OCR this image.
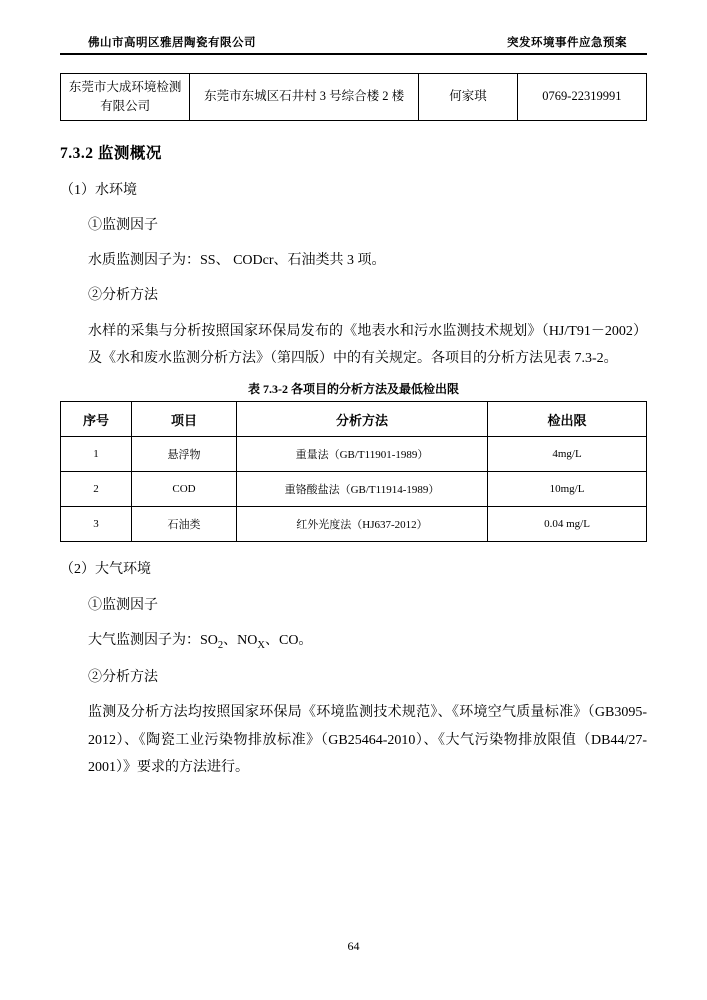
佛山市高明区雅居陶瓷有限公司	突发环境事件应急预案
东莞市大成环境检测有限公司	东莞市东城区石井村 3 号综合楼 2 楼	何家琪	0769-22319991
7.3.2 监测概况

（1）水环境

①监测因子

水质监测因子为：SS、 CODcr、石油类共 3 项。

②分析方法

水样的采集与分析按照国家环保局发布的《地表水和污水监测技术规划》（HJ/T91－2002）及《水和废水监测分析方法》（第四版）中的有关规定。各项目的分析方法见表 7.3-2。

表 7.3-2 各项目的分析方法及最低检出限
序号	项目	分析方法	检出限
1	悬浮物	重量法（GB/T11901-1989）	4mg/L
2	COD	重铬酸盐法（GB/T11914-1989）	10mg/L
3	石油类	红外光度法（HJ637-2012）	0.04 mg/L

（2）大气环境

①监测因子

大气监测因子为：$SO_2$、$NO_X$、CO。

②分析方法

监测及分析方法均按照国家环保局《环境监测技术规范》、《环境空气质量标准》（GB3095-2012）、《陶瓷工业污染物排放标准》（GB25464-2010）、《大气污染物排放限值（DB44/27-2001）》要求的方法进行。

64
